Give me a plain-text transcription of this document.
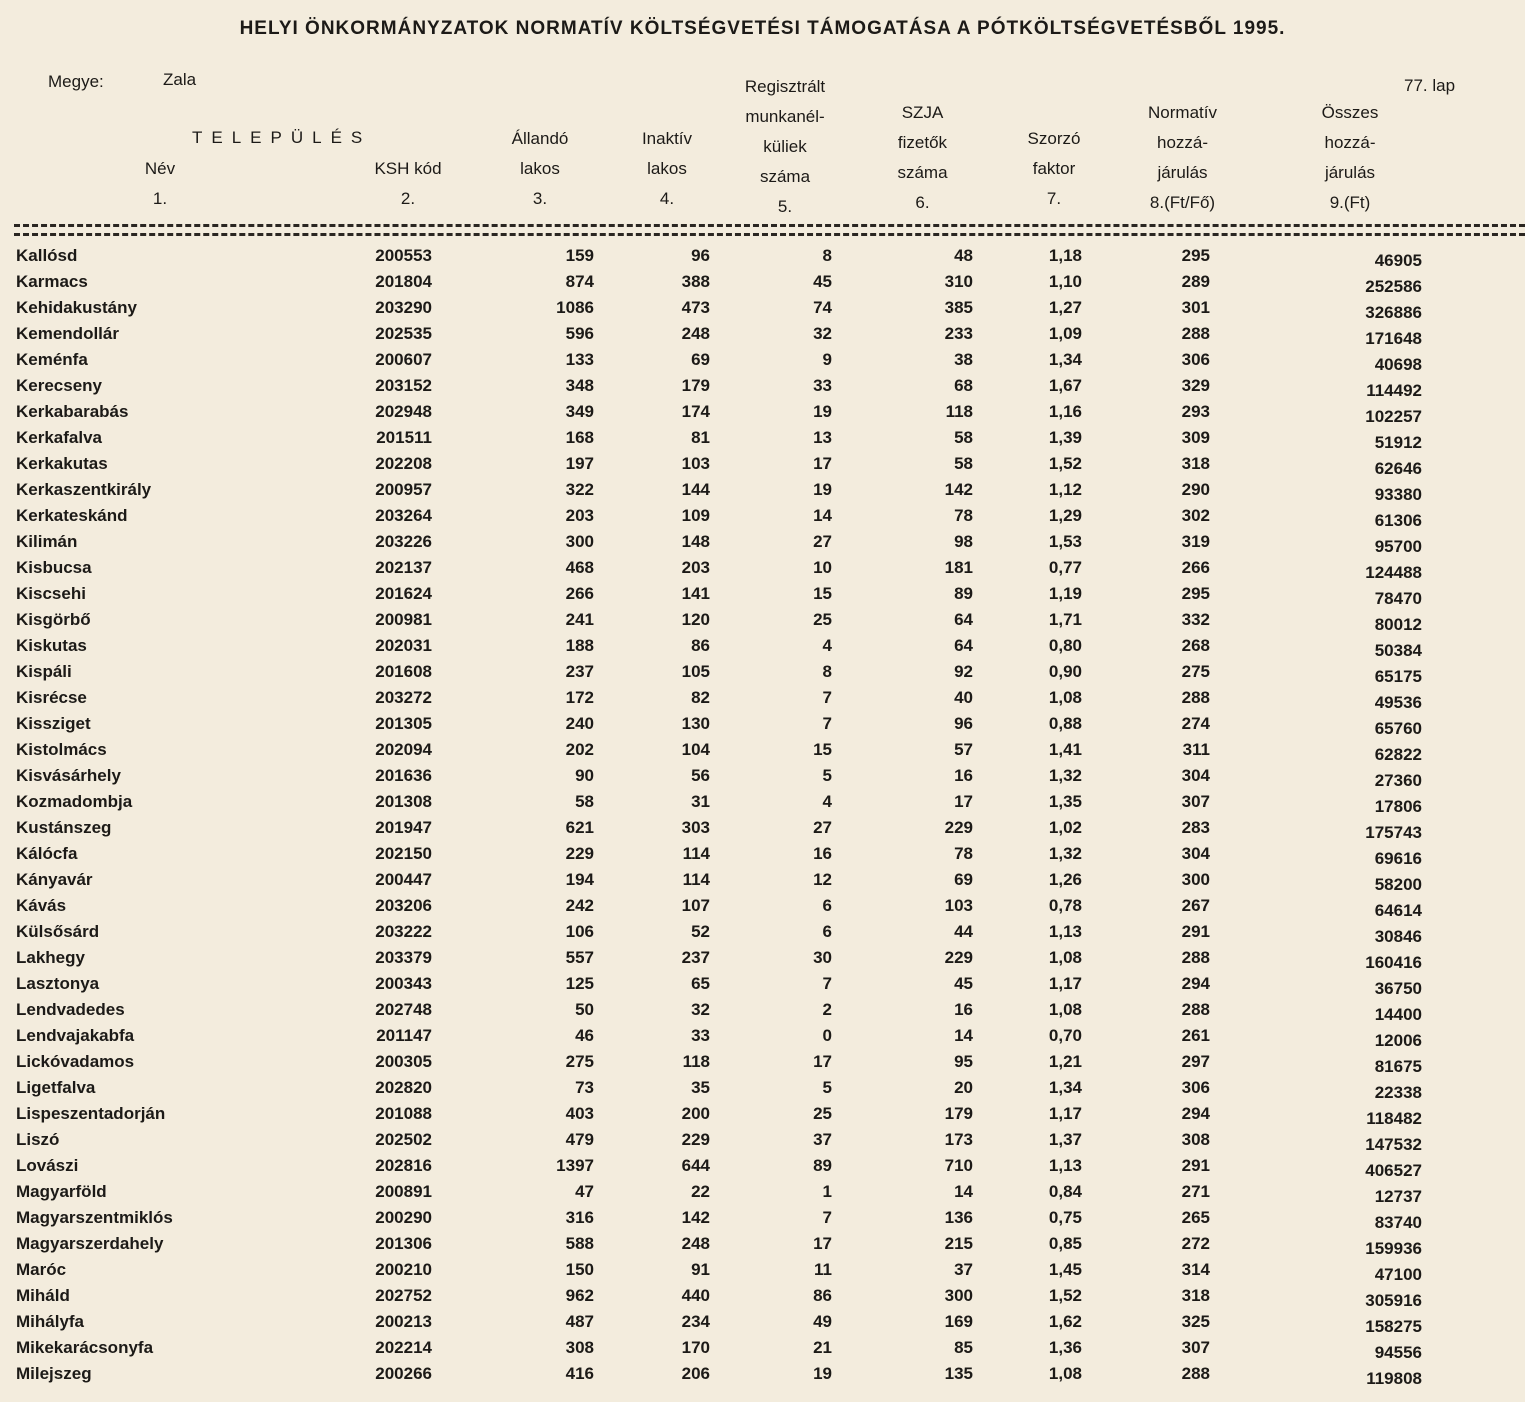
HELYI ÖNKORMÁNYZATOK NORMATÍV KÖLTSÉGVETÉSI TÁMOGATÁSA A PÓTKÖLTSÉGVETÉSBŐL 1995.
Megye:	Zala	77. lap
TELEPÜLÉS
Név
1.
KSH kód
2.
Állandó
lakos
3.
Inaktív
lakos
4.
Regisztrált
munkanél-
küliek
száma
5.
SZJA
fizetők
száma
6.
Szorzó
faktor
7.
Normatív
hozzá-
járulás
8.(Ft/Fő)
Összes
hozzá-
járulás
9.(Ft)
Kallósd	200553	159	96	8	48	1,18	295	46905
Karmacs	201804	874	388	45	310	1,10	289	252586
Kehidakustány	203290	1086	473	74	385	1,27	301	326886
Kemendollár	202535	596	248	32	233	1,09	288	171648
Keménfa	200607	133	69	9	38	1,34	306	40698
Kerecseny	203152	348	179	33	68	1,67	329	114492
Kerkabarabás	202948	349	174	19	118	1,16	293	102257
Kerkafalva	201511	168	81	13	58	1,39	309	51912
Kerkakutas	202208	197	103	17	58	1,52	318	62646
Kerkaszentkirály	200957	322	144	19	142	1,12	290	93380
Kerkateskánd	203264	203	109	14	78	1,29	302	61306
Kilimán	203226	300	148	27	98	1,53	319	95700
Kisbucsa	202137	468	203	10	181	0,77	266	124488
Kiscsehi	201624	266	141	15	89	1,19	295	78470
Kisgörbő	200981	241	120	25	64	1,71	332	80012
Kiskutas	202031	188	86	4	64	0,80	268	50384
Kispáli	201608	237	105	8	92	0,90	275	65175
Kisrécse	203272	172	82	7	40	1,08	288	49536
Kissziget	201305	240	130	7	96	0,88	274	65760
Kistolmács	202094	202	104	15	57	1,41	311	62822
Kisvásárhely	201636	90	56	5	16	1,32	304	27360
Kozmadombja	201308	58	31	4	17	1,35	307	17806
Kustánszeg	201947	621	303	27	229	1,02	283	175743
Kálócfa	202150	229	114	16	78	1,32	304	69616
Kányavár	200447	194	114	12	69	1,26	300	58200
Kávás	203206	242	107	6	103	0,78	267	64614
Külsősárd	203222	106	52	6	44	1,13	291	30846
Lakhegy	203379	557	237	30	229	1,08	288	160416
Lasztonya	200343	125	65	7	45	1,17	294	36750
Lendvadedes	202748	50	32	2	16	1,08	288	14400
Lendvajakabfa	201147	46	33	0	14	0,70	261	12006
Lickóvadamos	200305	275	118	17	95	1,21	297	81675
Ligetfalva	202820	73	35	5	20	1,34	306	22338
Lispeszentadorján	201088	403	200	25	179	1,17	294	118482
Liszó	202502	479	229	37	173	1,37	308	147532
Lovászi	202816	1397	644	89	710	1,13	291	406527
Magyarföld	200891	47	22	1	14	0,84	271	12737
Magyarszentmiklós	200290	316	142	7	136	0,75	265	83740
Magyarszerdahely	201306	588	248	17	215	0,85	272	159936
Maróc	200210	150	91	11	37	1,45	314	47100
Miháld	202752	962	440	86	300	1,52	318	305916
Mihályfa	200213	487	234	49	169	1,62	325	158275
Mikekarácsonyfa	202214	308	170	21	85	1,36	307	94556
Milejszeg	200266	416	206	19	135	1,08	288	119808
